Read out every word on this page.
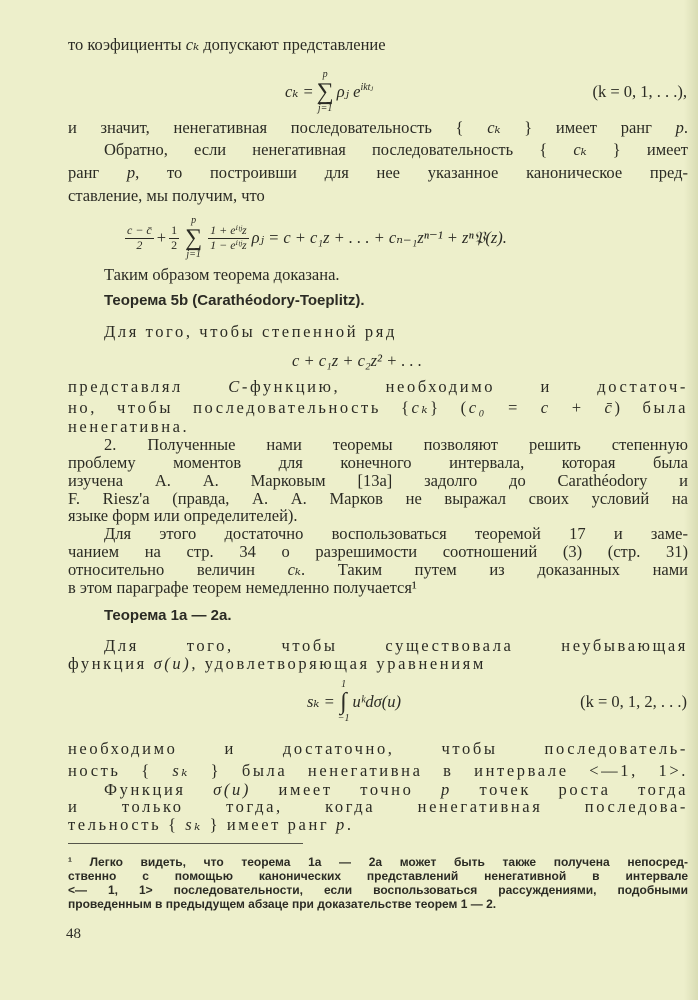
то коэфициенты cₖ допускают представление
и значит, ненегативная последовательность { cₖ } имеет ранг p.
Обратно, если ненегативная последовательность { cₖ } имеет
ранг p, то построивши для нее указанное каноническое пред-
ставление, мы получим, что
Таким образом теорема доказана.
Теорема 5b (Carathéodory-Toeplitz).
Для того, чтобы степенной ряд
представлял C-функцию, необходимо и достаточ-
но, чтобы последовательность {cₖ} (c₀ = c + c̄) была
ненегативна.
2. Полученные нами теоремы позволяют решить степенную
проблему моментов для конечного интервала, которая была
изучена А. А. Марковым [13a] задолго до Carathéodory и
F. Riesz'a (правда, А. А. Марков не выражал своих условий на
языке форм или определителей).
Для этого достаточно воспользоваться теоремой 17 и заме-
чанием на стр. 34 о разрешимости соотношений (3) (стр. 31)
относительно величин cₖ. Таким путем из доказанных нами
в этом параграфе теорем немедленно получается¹
Теорема 1a — 2a.
Для того, чтобы существовала неубывающая
функция σ(u), удовлетворяющая уравнениям
необходимо и достаточно, чтобы последователь-
ность { sₖ } была ненегативна в интервале <—1, 1>.
Функция σ(u) имеет точно p точек роста тогда
и только тогда, когда ненегативная последова-
тельность { sₖ } имеет ранг p.
cₖ =
p
∑
j=1
ρⱼ $e^{iktⱼ}$	(k = 0, 1, . . .),
$\frac{c - c̄}{2} + \frac{1}{2}$
p
∑
j=1
$\frac{\text{1 + eⁱᵗʲz}}{\text{1 − eⁱᵗʲz}}$ ρⱼ = c + c₁z + . . . + cₙ₋₁zⁿ⁻¹ + zⁿ𝔓(z).
c + c₁z + c₂z² + . . .
sₖ =
1
∫
−1
uᵏdσ(u)	(k = 0, 1, 2, . . .)
¹ Легко видеть, что теорема 1a — 2a может быть также получена непосред-
ственно с помощью канонических представлений ненегативной в интервале
<— 1, 1> последовательности, если воспользоваться рассуждениями, подобными
проведенным в предыдущем абзаце при доказательстве теорем 1 — 2.
48
